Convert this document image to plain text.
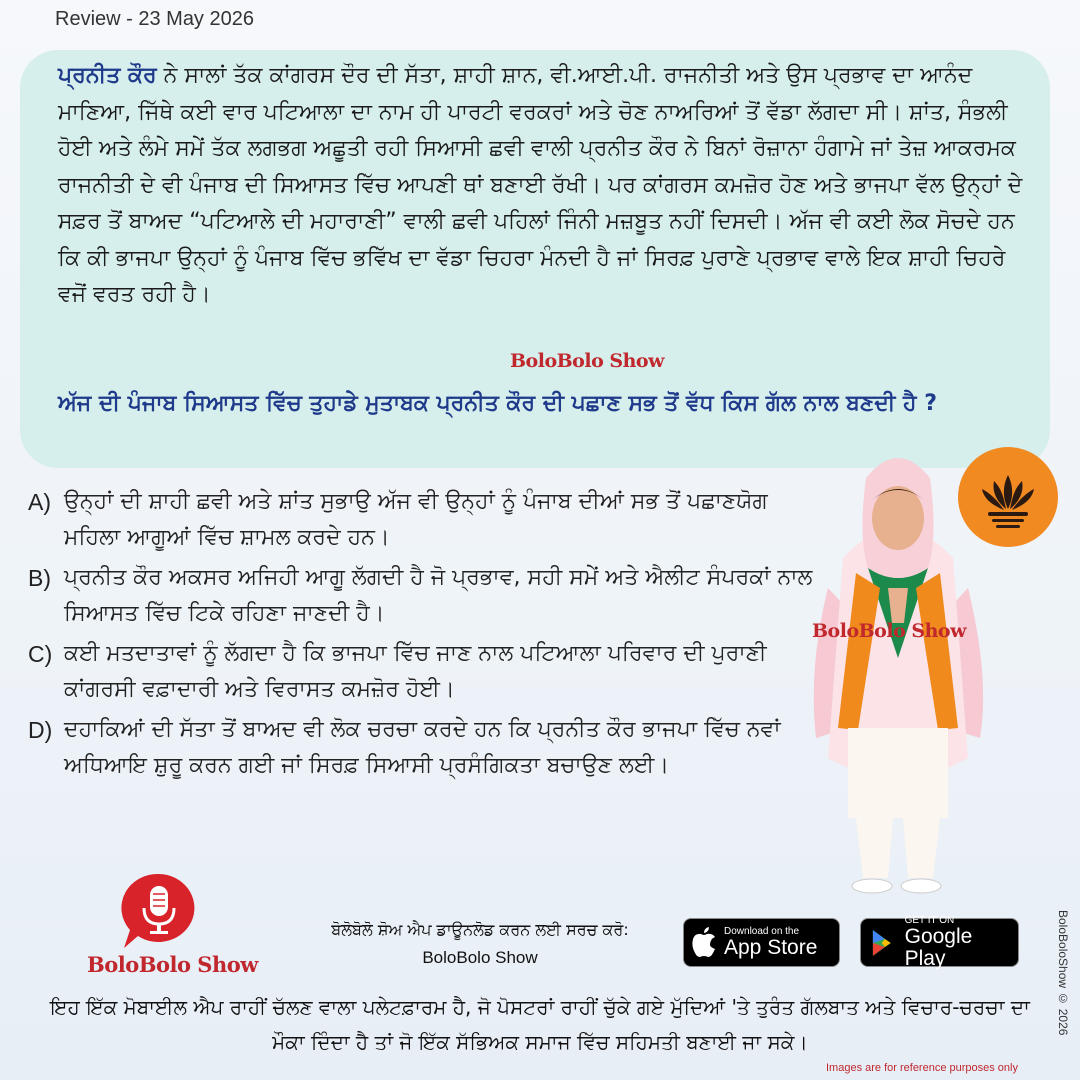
Review - 23 May 2026
ਪ੍ਰਨੀਤ ਕੌਰ ਨੇ ਸਾਲਾਂ ਤੱਕ ਕਾਂਗਰਸ ਦੌਰ ਦੀ ਸੱਤਾ, ਸ਼ਾਹੀ ਸ਼ਾਨ, ਵੀ.ਆਈ.ਪੀ. ਰਾਜਨੀਤੀ ਅਤੇ ਉਸ ਪ੍ਰਭਾਵ ਦਾ ਆਨੰਦ ਮਾਣਿਆ, ਜਿੱਥੇ ਕਈ ਵਾਰ ਪਟਿਆਲਾ ਦਾ ਨਾਮ ਹੀ ਪਾਰਟੀ ਵਰਕਰਾਂ ਅਤੇ ਚੋਣ ਨਾਅਰਿਆਂ ਤੋਂ ਵੱਡਾ ਲੱਗਦਾ ਸੀ। ਸ਼ਾਂਤ, ਸੰਭਲੀ ਹੋਈ ਅਤੇ ਲੰਮੇ ਸਮੇਂ ਤੱਕ ਲਗਭਗ ਅਛੂਤੀ ਰਹੀ ਸਿਆਸੀ ਛਵੀ ਵਾਲੀ ਪ੍ਰਨੀਤ ਕੌਰ ਨੇ ਬਿਨਾਂ ਰੋਜ਼ਾਨਾ ਹੰਗਾਮੇ ਜਾਂ ਤੇਜ਼ ਆਕਰਮਕ ਰਾਜਨੀਤੀ ਦੇ ਵੀ ਪੰਜਾਬ ਦੀ ਸਿਆਸਤ ਵਿੱਚ ਆਪਣੀ ਥਾਂ ਬਣਾਈ ਰੱਖੀ। ਪਰ ਕਾਂਗਰਸ ਕਮਜ਼ੋਰ ਹੋਣ ਅਤੇ ਭਾਜਪਾ ਵੱਲ ਉਨ੍ਹਾਂ ਦੇ ਸਫ਼ਰ ਤੋਂ ਬਾਅਦ “ਪਟਿਆਲੇ ਦੀ ਮਹਾਰਾਣੀ” ਵਾਲੀ ਛਵੀ ਪਹਿਲਾਂ ਜਿੰਨੀ ਮਜ਼ਬੂਤ ਨਹੀਂ ਦਿਸਦੀ। ਅੱਜ ਵੀ ਕਈ ਲੋਕ ਸੋਚਦੇ ਹਨ ਕਿ ਕੀ ਭਾਜਪਾ ਉਨ੍ਹਾਂ ਨੂੰ ਪੰਜਾਬ ਵਿੱਚ ਭਵਿੱਖ ਦਾ ਵੱਡਾ ਚਿਹਰਾ ਮੰਨਦੀ ਹੈ ਜਾਂ ਸਿਰਫ਼ ਪੁਰਾਣੇ ਪ੍ਰਭਾਵ ਵਾਲੇ ਇਕ ਸ਼ਾਹੀ ਚਿਹਰੇ ਵਜੋਂ ਵਰਤ ਰਹੀ ਹੈ।
BoloBolo Show
ਅੱਜ ਦੀ ਪੰਜਾਬ ਸਿਆਸਤ ਵਿੱਚ ਤੁਹਾਡੇ ਮੁਤਾਬਕ ਪ੍ਰਨੀਤ ਕੌਰ ਦੀ ਪਛਾਣ ਸਭ ਤੋਂ ਵੱਧ ਕਿਸ ਗੱਲ ਨਾਲ ਬਣਦੀ ਹੈ ?
A) ਉਨ੍ਹਾਂ ਦੀ ਸ਼ਾਹੀ ਛਵੀ ਅਤੇ ਸ਼ਾਂਤ ਸੁਭਾਉ ਅੱਜ ਵੀ ਉਨ੍ਹਾਂ ਨੂੰ ਪੰਜਾਬ ਦੀਆਂ ਸਭ ਤੋਂ ਪਛਾਣਯੋਗ ਮਹਿਲਾ ਆਗੂਆਂ ਵਿੱਚ ਸ਼ਾਮਲ ਕਰਦੇ ਹਨ।
B) ਪ੍ਰਨੀਤ ਕੌਰ ਅਕਸਰ ਅਜਿਹੀ ਆਗੂ ਲੱਗਦੀ ਹੈ ਜੋ ਪ੍ਰਭਾਵ, ਸਹੀ ਸਮੇਂ ਅਤੇ ਐਲੀਟ ਸੰਪਰਕਾਂ ਨਾਲ ਸਿਆਸਤ ਵਿੱਚ ਟਿਕੇ ਰਹਿਣਾ ਜਾਣਦੀ ਹੈ।
C) ਕਈ ਮਤਦਾਤਾਵਾਂ ਨੂੰ ਲੱਗਦਾ ਹੈ ਕਿ ਭਾਜਪਾ ਵਿੱਚ ਜਾਣ ਨਾਲ ਪਟਿਆਲਾ ਪਰਿਵਾਰ ਦੀ ਪੁਰਾਣੀ ਕਾਂਗਰਸੀ ਵਫ਼ਾਦਾਰੀ ਅਤੇ ਵਿਰਾਸਤ ਕਮਜ਼ੋਰ ਹੋਈ।
D) ਦਹਾਕਿਆਂ ਦੀ ਸੱਤਾ ਤੋਂ ਬਾਅਦ ਵੀ ਲੋਕ ਚਰਚਾ ਕਰਦੇ ਹਨ ਕਿ ਪ੍ਰਨੀਤ ਕੌਰ ਭਾਜਪਾ ਵਿੱਚ ਨਵਾਂ ਅਧਿਆਇ ਸ਼ੁਰੂ ਕਰਨ ਗਈ ਜਾਂ ਸਿਰਫ਼ ਸਿਆਸੀ ਪ੍ਰਸੰਗਿਕਤਾ ਬਚਾਉਣ ਲਈ।
BoloBolo Show
BoloBolo Show
ਬੋਲੋਬੋਲੋ ਸ਼ੋਅ ਐਪ ਡਾਊਨਲੋਡ ਕਰਨ ਲਈ ਸਰਚ ਕਰੋ:
BoloBolo Show
Download on the
App Store
GET IT ON
Google Play	BoloBoloShow © 2026
ਇਹ ਇੱਕ ਮੋਬਾਈਲ ਐਪ ਰਾਹੀਂ ਚੱਲਣ ਵਾਲਾ ਪਲੇਟਫ਼ਾਰਮ ਹੈ, ਜੋ ਪੋਸਟਰਾਂ ਰਾਹੀਂ ਚੁੱਕੇ ਗਏ ਮੁੱਦਿਆਂ 'ਤੇ ਤੁਰੰਤ ਗੱਲਬਾਤ ਅਤੇ ਵਿਚਾਰ-ਚਰਚਾ ਦਾ ਮੌਕਾ ਦਿੰਦਾ ਹੈ ਤਾਂ ਜੋ ਇੱਕ ਸੱਭਿਅਕ ਸਮਾਜ ਵਿੱਚ ਸਹਿਮਤੀ ਬਣਾਈ ਜਾ ਸਕੇ।
Images are for reference purposes only
